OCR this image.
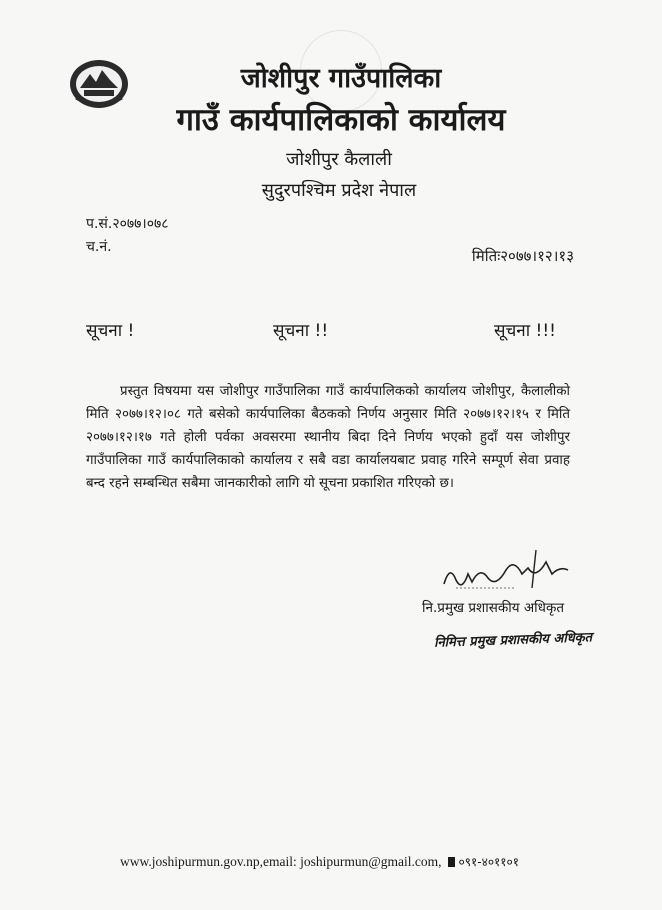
जोशीपुर गाउँपालिका
गाउँ कार्यपालिकाको कार्यालय
जोशीपुर कैलाली
सुदुरपश्चिम प्रदेश नेपाल
प.सं.२०७७।०७८
च.नं.	मितिः२०७७।१२।१३
सूचना !	सूचना !!	सूचना !!!
प्रस्तुत विषयमा यस जोशीपुर गाउँपालिका गाउँ कार्यपालिकको कार्यालय जोशीपुर, कैलालीको मिति २०७७।१२।०८ गते बसेको कार्यपालिका बैठकको निर्णय अनुसार मिति २०७७।१२।१५ र मिति २०७७।१२।१७ गते होली पर्वका अवसरमा स्थानीय बिदा दिने निर्णय भएको हुदाँ यस जोशीपुर गाउँपालिका गाउँ कार्यपालिकाको कार्यालय र सबै वडा कार्यालयबाट प्रवाह गरिने सम्पूर्ण सेवा प्रवाह बन्द रहने सम्बन्धित सबैमा जानकारीको लागि यो सूचना प्रकाशित गरिएको छ।
नि.प्रमुख प्रशासकीय अधिकृत
निमित्त प्रमुख प्रशासकीय अधिकृत
www.joshipurmun.gov.np,email: joshipurmun@gmail.com, ०९१-४०११०१
